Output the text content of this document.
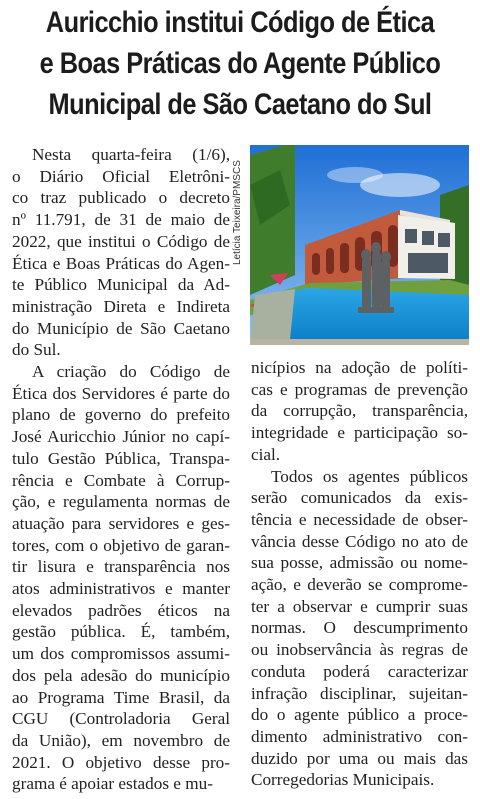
Auricchio institui Código de Ética
e Boas Práticas do Agente Público
Municipal de São Caetano do Sul

Nesta quarta-feira (1/6),
o Diário Oficial Eletrôni-
co traz publicado o decreto
nº 11.791, de 31 de maio de
2022, que institui o Código de
Ética e Boas Práticas do Agen-
te Público Municipal da Ad-
ministração Direta e Indireta
do Município de São Caetano
do Sul.

A criação do Código de
Ética dos Servidores é parte do
plano de governo do prefeito
José Auricchio Júnior no capí-
tulo Gestão Pública, Transpa-
rência e Combate à Corrup-
ção, e regulamenta normas de
atuação para servidores e ges-
tores, com o objetivo de garan-
tir lisura e transparência nos
atos administrativos e manter
elevados padrões éticos na
gestão pública. É, também,
um dos compromissos assumi-
dos pela adesão do município
ao Programa Time Brasil, da
CGU (Controladoria Geral
da União), em novembro de
2021. O objetivo desse pro-
grama é apoiar estados e mu-

Letícia Teixeira/PMSCS

nicípios na adoção de políti-
cas e programas de prevenção
da corrupção, transparência,
integridade e participação so-
cial.

Todos os agentes públicos
serão comunicados da exis-
tência e necessidade de obser-
vância desse Código no ato de
sua posse, admissão ou nome-
ação, e deverão se comprome-
ter a observar e cumprir suas
normas. O descumprimento
ou inobservância às regras de
conduta poderá caracterizar
infração disciplinar, sujeitan-
do o agente público a proce-
dimento administrativo con-
duzido por uma ou mais das
Corregedorias Municipais.
